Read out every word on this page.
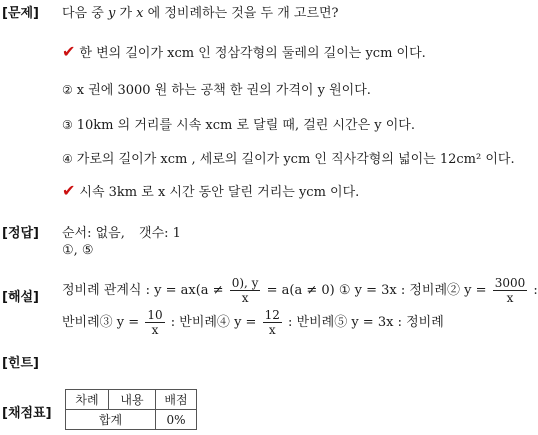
[문제]
[정답]
[해설]
[힌트]
[채점표]
다음 중 y 가 x 에 정비례하는 것을 두 개 고르면?
✔ 한 변의 길이가 xcm 인 정삼각형의 둘레의 길이는 ycm 이다.
② x 권에 3000 원 하는 공책 한 권의 가격이 y 원이다.
③ 10km 의 거리를 시속 xcm 로 달릴 때, 걸린 시간은 y 이다.
④ 가로의 길이가 xcm , 세로의 길이가 ycm 인 직사각형의 넓이는 12cm² 이다.
✔ 시속 3km 로 x 시간 동안 달린 거리는 ycm 이다.
순서: 없음, 갯수: 1
①, ⑤
정비례 관계식 : $y = ax(a \ne \frac{0), y}{x} = a(a \ne 0)$ ① y = 3x : 정비례② $y = \frac{3000}{x}$ :
반비례③ $y = \frac{10}{x}$ : 반비례④ $y = \frac{12}{x}$ : 반비례⑤ y = 3x : 정비례
차례	내용	배점
합계		0%
